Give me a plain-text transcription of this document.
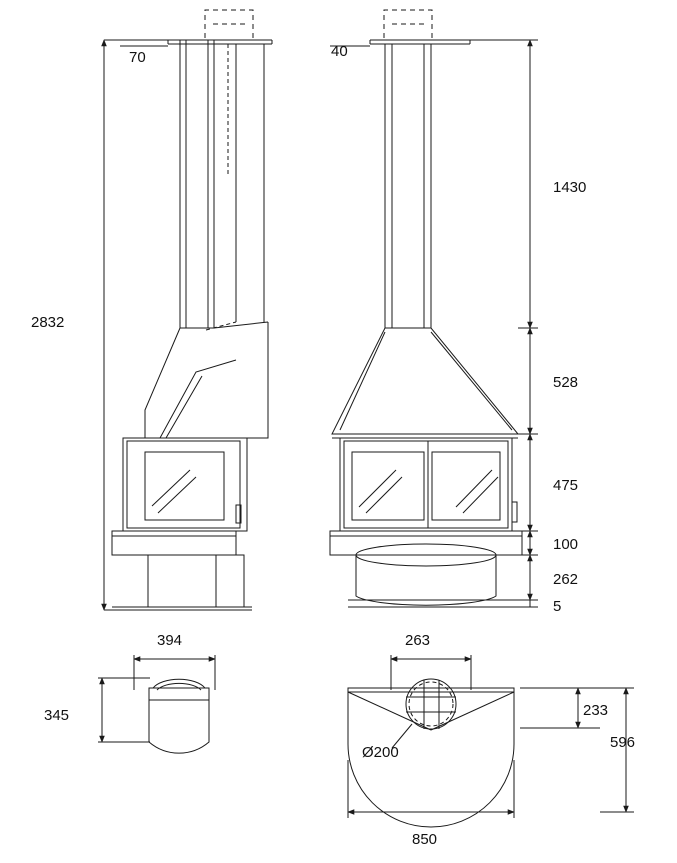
70	40
2832
1430
528
475
100
262
5
394
345
263
233
596
850
Ø200
